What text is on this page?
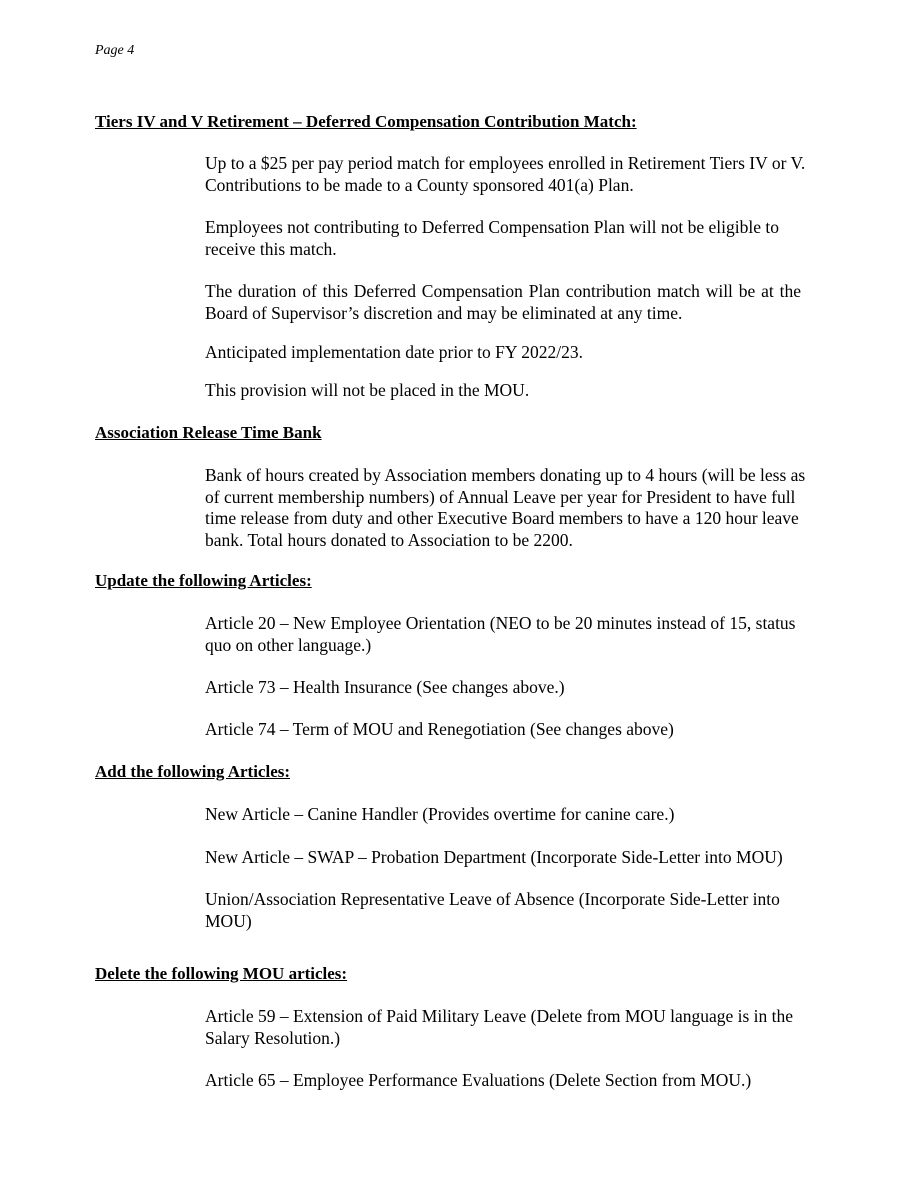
Page 4
Tiers IV and V Retirement – Deferred Compensation Contribution Match:
Up to a $25 per pay period match for employees enrolled in Retirement Tiers IV or V. Contributions to be made to a County sponsored 401(a) Plan.
Employees not contributing to Deferred Compensation Plan will not be eligible to receive this match.
The duration of this Deferred Compensation Plan contribution match will be at the Board of Supervisor’s discretion and may be eliminated at any time.
Anticipated implementation date prior to FY 2022/23.
This provision will not be placed in the MOU.
Association Release Time Bank
Bank of hours created by Association members donating up to 4 hours (will be less as of current membership numbers) of Annual Leave per year for President to have full time release from duty and other Executive Board members to have a 120 hour leave bank. Total hours donated to Association to be 2200.
Update the following Articles:
Article 20 – New Employee Orientation (NEO to be 20 minutes instead of 15, status quo on other language.)
Article 73 – Health Insurance (See changes above.)
Article 74 – Term of MOU and Renegotiation (See changes above)
Add the following Articles:
New Article – Canine Handler (Provides overtime for canine care.)
New Article – SWAP – Probation Department (Incorporate Side-Letter into MOU)
Union/Association Representative Leave of Absence (Incorporate Side-Letter into MOU)
Delete the following MOU articles:
Article 59 – Extension of Paid Military Leave (Delete from MOU language is in the Salary Resolution.)
Article 65 – Employee Performance Evaluations (Delete Section from MOU.)
